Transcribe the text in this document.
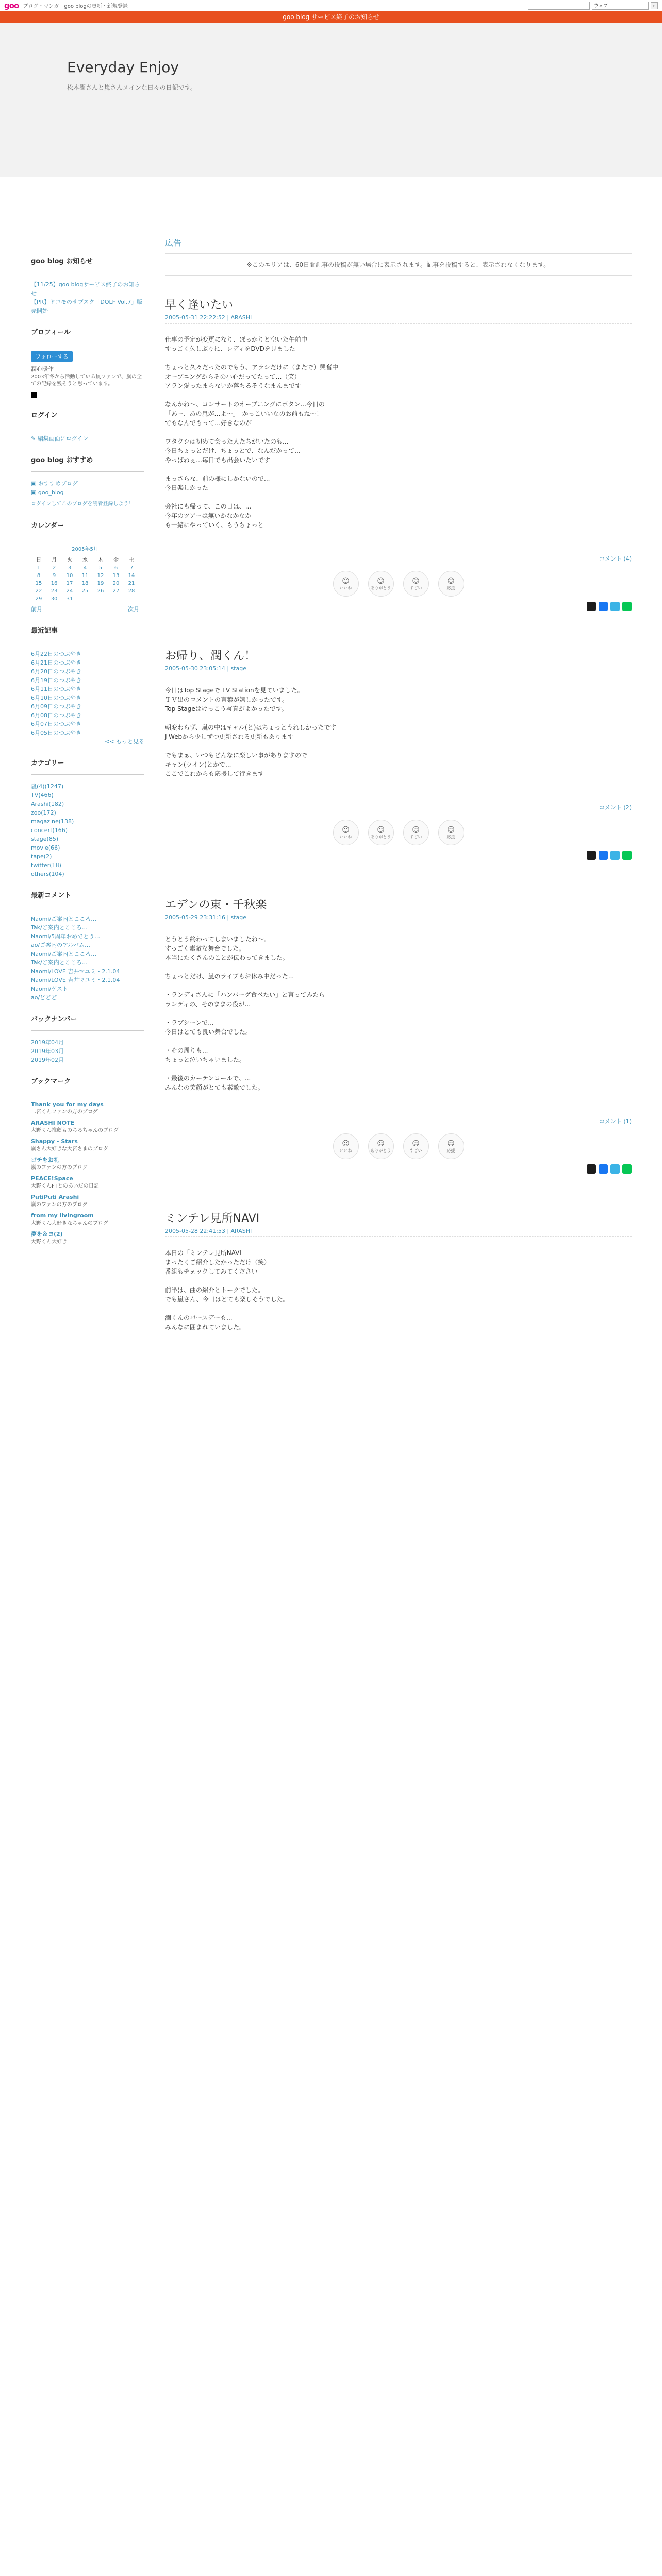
goo ブログ・マンガ　goo blogの更新・新規登録	ウェブ	⌕
goo blog サービス終了のお知らせ
Everyday Enjoy
松本潤さんと嵐さんメインな日々の日記です。
goo blog お知らせ
【11/25】goo blogサービス終了のお知らせ
【PR】ドコモのサブスク「DOLF Vol.7」販売開始
プロフィール
フォローする
潤心暖作
2003年冬から活動している嵐ファンで、嵐の全ての記録を残そうと思っています。
ログイン
✎ 編集画面にログイン
goo blog おすすめ
▣ おすすめブログ
▣ goo_blog
ログインしてこのブログを読者登録しよう！
カレンダー
2005年5月
日	月	火	水	木	金	土
1	2	3	4	5	6	7
8	9	10	11	12	13	14
15	16	17	18	19	20	21
22	23	24	25	26	27	28
29	30	31				
前月	次月
最近記事
6月22日のつぶやき
6月21日のつぶやき
6月20日のつぶやき
6月19日のつぶやき
6月11日のつぶやき
6月10日のつぶやき
6月09日のつぶやき
6月08日のつぶやき
6月07日のつぶやき
6月05日のつぶやき
<< もっと見る
カテゴリー
嵐(4)(1247)
TV(466)
Arashi(182)
zoo(172)
magazine(138)
concert(166)
stage(85)
movie(66)
tape(2)
twitter(18)
others(104)
最新コメント
Naomi/ご案内とこころ…
Tak/ご案内とこころ…
Naomi/5周年おめでとう…
ao/ご案内のアルバム…
Naomi/ご案内とこころ…
Tak/ご案内とこころ…
Naomi/LOVE 吉井マユミ・2.1.04
Naomi/LOVE 吉井マユミ・2.1.04
Naomi/ゲスト
ao/どどど
バックナンバー
2019年04月
2019年03月
2019年02月
ブックマーク
Thank you for my days
二宮くんファンの方のブログ
ARASHI NOTE
大野くん推薦ものちろちゃんのブログ
Shappy - Stars
嵐さん大好きな大宮さまのブログ
ゴチをお礼
嵐のファンの方のブログ
PEACE!Space
大野くんFTとのあいだの日記
PutiPuti Arashi
嵐のファンの方のブログ
from my livingroom
大野くん大好きなちゃんのブログ
夢を＆ヨ(2)
大野くん大好き
広告
※このエリアは、60日間記事の投稿が無い場合に表示されます。記事を投稿すると、表示されなくなります。
早く逢いたい
2005-05-31 22:22:52 | ARASHI

仕事の予定が変更になり、ぽっかりと空いた午前中

すっごく久しぶりに、レディをDVDを見ました

ちょっと久々だったのでもう、アラシだけに（またで）興奮中

オープニングからその小心だってたって…（笑）

アラン愛ったまらないか落ちるそうなまんまです

なんかね〜、コンサートのオープニングにボタン...今日の

「あー、あの嵐が…よ〜」　かっこいいなのお前もね〜！

でもなんでもって…好きなのが

ワタクシは初めて会った人たちがいたのも...

今日ちょっとだけ、ちょっとで、なんだかって...

やっぱねぇ…毎日でも出会いたいです

まっさらな、前の様にしかないので...

今日楽しかった

会社にも帰って、この日は、...

今年のツアーは無いかなかなか

も一緒にやっていく、もうちょっと

コメント (4)
☺
いいね
☺
ありがとう
☺
すごい
☺
応援
お帰り、潤くん！
2005-05-30 23:05:14 | stage

今日はTop Stageで TV Stationを見ていました。

ＴＶ出のコメントの言葉が嬉しかったです。

Top Stageはけっこう写真がよかったです。

朝変わらず、嵐の中はキャル(と)はちょっとうれしかったです

J-Webから少しずつ更新される更新もあります

でもまぁ、いつもどんなに楽しい事がありますので

キャン(ライン)とかで...

ここでこれからも応援して行きます

コメント (2)
☺
いいね
☺
ありがとう
☺
すごい
☺
応援
エデンの東・千秋楽
2005-05-29 23:31:16 | stage

とうとう終わってしまいましたね〜。

すっごく素敵な舞台でした。

本当にたくさんのことが伝わってきました。

ちょっとだけ、嵐のライブもお休み中だった...

・ランディさんに「ハンバーグ食べたい」と言ってみたら

ランディの、そのままの役が...

・ラブシーンで...

今日はとても良い舞台でした。

・その周りも...

ちょっと泣いちゃいました。

・最後のカーテンコールで、...

みんなの笑顔がとても素敵でした。

コメント (1)
☺
いいね
☺
ありがとう
☺
すごい
☺
応援
ミンテレ見所NAVI
2005-05-28 22:41:53 | ARASHI

本日の「ミンテレ見所NAVI」

まったくご紹介したかっただけ（笑）

番組もチェックしてみてください

前半は、曲の紹介とトークでした。

でも嵐さん、今日はとても楽しそうでした。

潤くんのバースデーも...

みんなに囲まれていました。
